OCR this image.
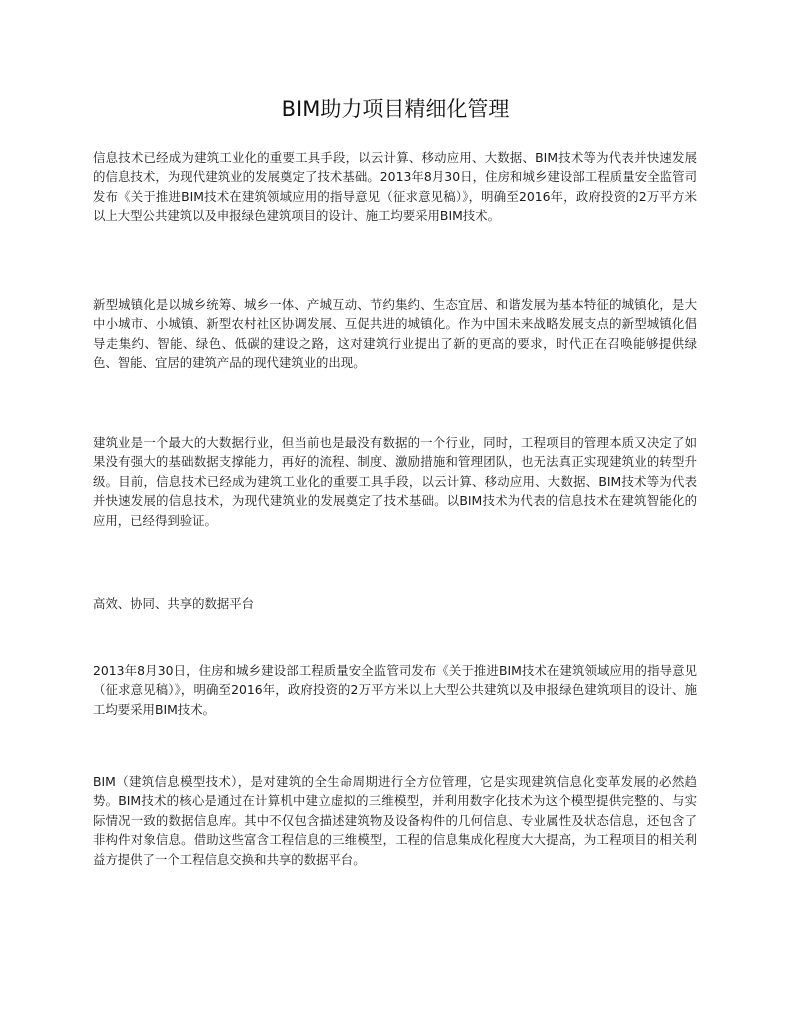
BIM助力项目精细化管理

信息技术已经成为建筑工业化的重要工具手段，以云计算、移动应用、大数据、BIM技术等为代表并快速发展的信息技术，为现代建筑业的发展奠定了技术基础。2013年8月30日，住房和城乡建设部工程质量安全监管司发布《关于推进BIM技术在建筑领域应用的指导意见（征求意见稿）》，明确至2016年，政府投资的2万平方米以上大型公共建筑以及申报绿色建筑项目的设计、施工均要采用BIM技术。

新型城镇化是以城乡统筹、城乡一体、产城互动、节约集约、生态宜居、和谐发展为基本特征的城镇化，是大中小城市、小城镇、新型农村社区协调发展、互促共进的城镇化。作为中国未来战略发展支点的新型城镇化倡导走集约、智能、绿色、低碳的建设之路，这对建筑行业提出了新的更高的要求，时代正在召唤能够提供绿色、智能、宜居的建筑产品的现代建筑业的出现。

建筑业是一个最大的大数据行业，但当前也是最没有数据的一个行业，同时，工程项目的管理本质又决定了如果没有强大的基础数据支撑能力，再好的流程、制度、激励措施和管理团队，也无法真正实现建筑业的转型升级。目前，信息技术已经成为建筑工业化的重要工具手段，以云计算、移动应用、大数据、BIM技术等为代表并快速发展的信息技术，为现代建筑业的发展奠定了技术基础。以BIM技术为代表的信息技术在建筑智能化的应用，已经得到验证。

高效、协同、共享的数据平台

2013年8月30日，住房和城乡建设部工程质量安全监管司发布《关于推进BIM技术在建筑领域应用的指导意见（征求意见稿）》，明确至2016年，政府投资的2万平方米以上大型公共建筑以及申报绿色建筑项目的设计、施工均要采用BIM技术。

BIM（建筑信息模型技术），是对建筑的全生命周期进行全方位管理，它是实现建筑信息化变革发展的必然趋势。BIM技术的核心是通过在计算机中建立虚拟的三维模型，并利用数字化技术为这个模型提供完整的、与实际情况一致的数据信息库。其中不仅包含描述建筑物及设备构件的几何信息、专业属性及状态信息，还包含了非构件对象信息。借助这些富含工程信息的三维模型，工程的信息集成化程度大大提高，为工程项目的相关利益方提供了一个工程信息交换和共享的数据平台。
